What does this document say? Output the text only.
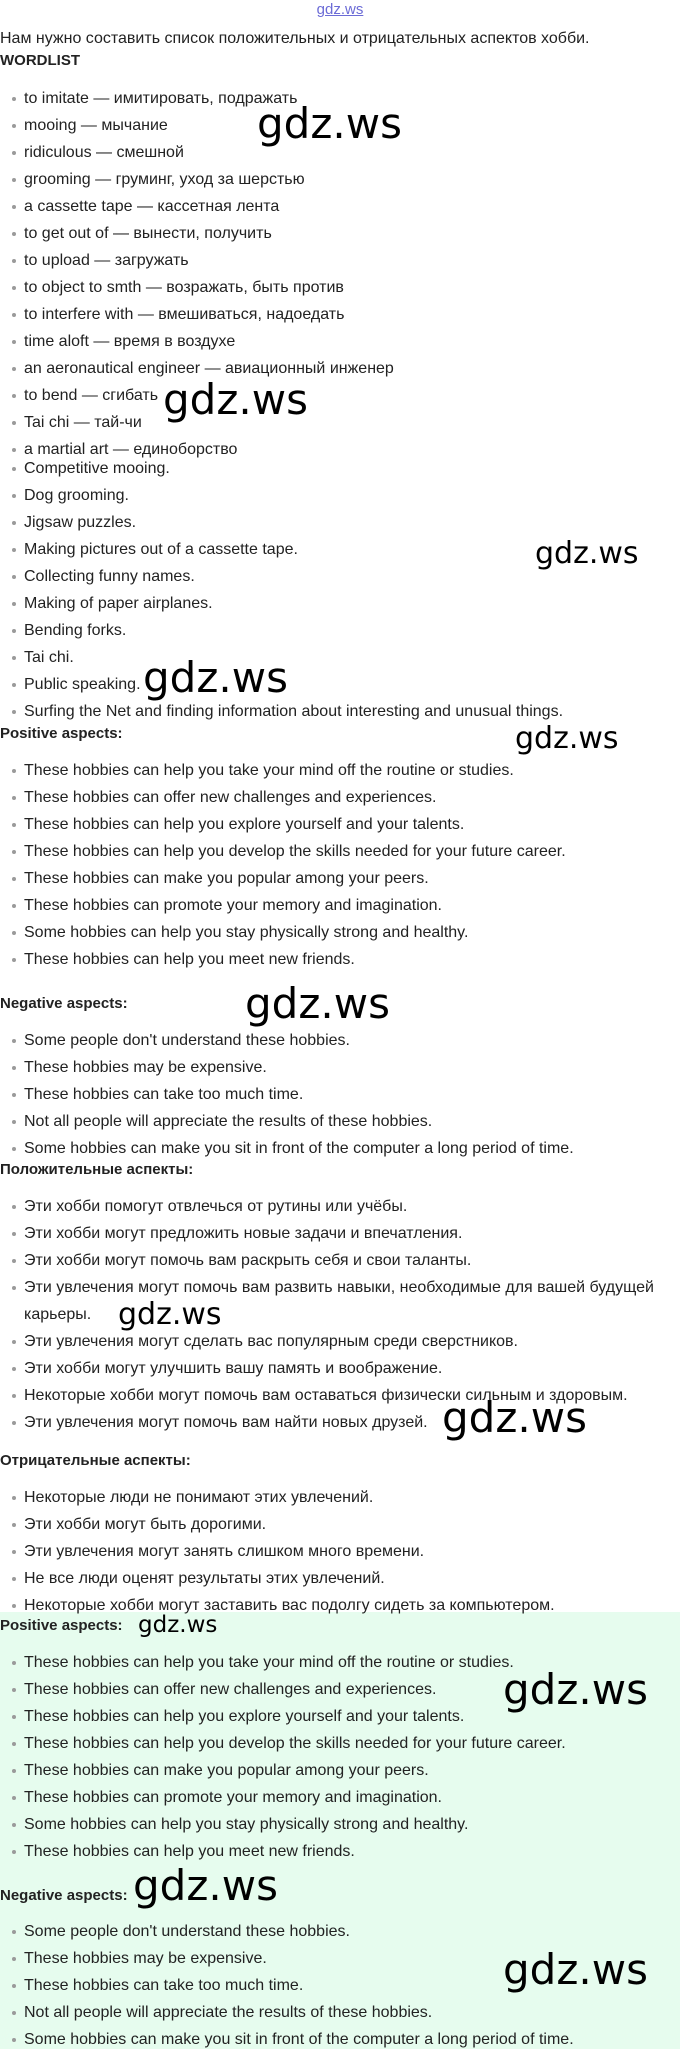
gdz.ws
Нам нужно составить список положительных и отрицательных аспектов хобби.
WORDLIST
to imitate — имитировать, подражать
mooing — мычание
ridiculous — смешной
grooming — груминг, уход за шерстью
a cassette tape — кассетная лента
to get out of — вынести, получить
to upload — загружать
to object to smth — возражать, быть против
to interfere with — вмешиваться, надоедать
time aloft — время в воздухе
an aeronautical engineer — авиационный инженер
to bend — сгибать
Tai chi — тай-чи
a martial art — единоборство
Competitive mooing.
Dog grooming.
Jigsaw puzzles.
Making pictures out of a cassette tape.
Collecting funny names.
Making of paper airplanes.
Bending forks.
Tai chi.
Public speaking.
Surfing the Net and finding information about interesting and unusual things.
Positive aspects:
These hobbies can help you take your mind off the routine or studies.
These hobbies can offer new challenges and experiences.
These hobbies can help you explore yourself and your talents.
These hobbies can help you develop the skills needed for your future career.
These hobbies can make you popular among your peers.
These hobbies can promote your memory and imagination.
Some hobbies can help you stay physically strong and healthy.
These hobbies can help you meet new friends.
Negative aspects:
Some people don't understand these hobbies.
These hobbies may be expensive.
These hobbies can take too much time.
Not all people will appreciate the results of these hobbies.
Some hobbies can make you sit in front of the computer a long period of time.
Положительные аспекты:
Эти хобби помогут отвлечься от рутины или учёбы.
Эти хобби могут предложить новые задачи и впечатления.
Эти хобби могут помочь вам раскрыть себя и свои таланты.
Эти увлечения могут помочь вам развить навыки, необходимые для вашей будущей карьеры.
Эти увлечения могут сделать вас популярным среди сверстников.
Эти хобби могут улучшить вашу память и воображение.
Некоторые хобби могут помочь вам оставаться физически сильным и здоровым.
Эти увлечения могут помочь вам найти новых друзей.
Отрицательные аспекты:
Некоторые люди не понимают этих увлечений.
Эти хобби могут быть дорогими.
Эти увлечения могут занять слишком много времени.
Не все люди оценят результаты этих увлечений.
Некоторые хобби могут заставить вас подолгу сидеть за компьютером.
Positive aspects:
These hobbies can help you take your mind off the routine or studies.
These hobbies can offer new challenges and experiences.
These hobbies can help you explore yourself and your talents.
These hobbies can help you develop the skills needed for your future career.
These hobbies can make you popular among your peers.
These hobbies can promote your memory and imagination.
Some hobbies can help you stay physically strong and healthy.
These hobbies can help you meet new friends.
Negative aspects:
Some people don't understand these hobbies.
These hobbies may be expensive.
These hobbies can take too much time.
Not all people will appreciate the results of these hobbies.
Some hobbies can make you sit in front of the computer a long period of time.
gdz.ws
gdz.ws
gdz.ws
gdz.ws
gdz.ws
gdz.ws
gdz.ws
gdz.ws
gdz.ws
gdz.ws
gdz.ws
gdz.ws
